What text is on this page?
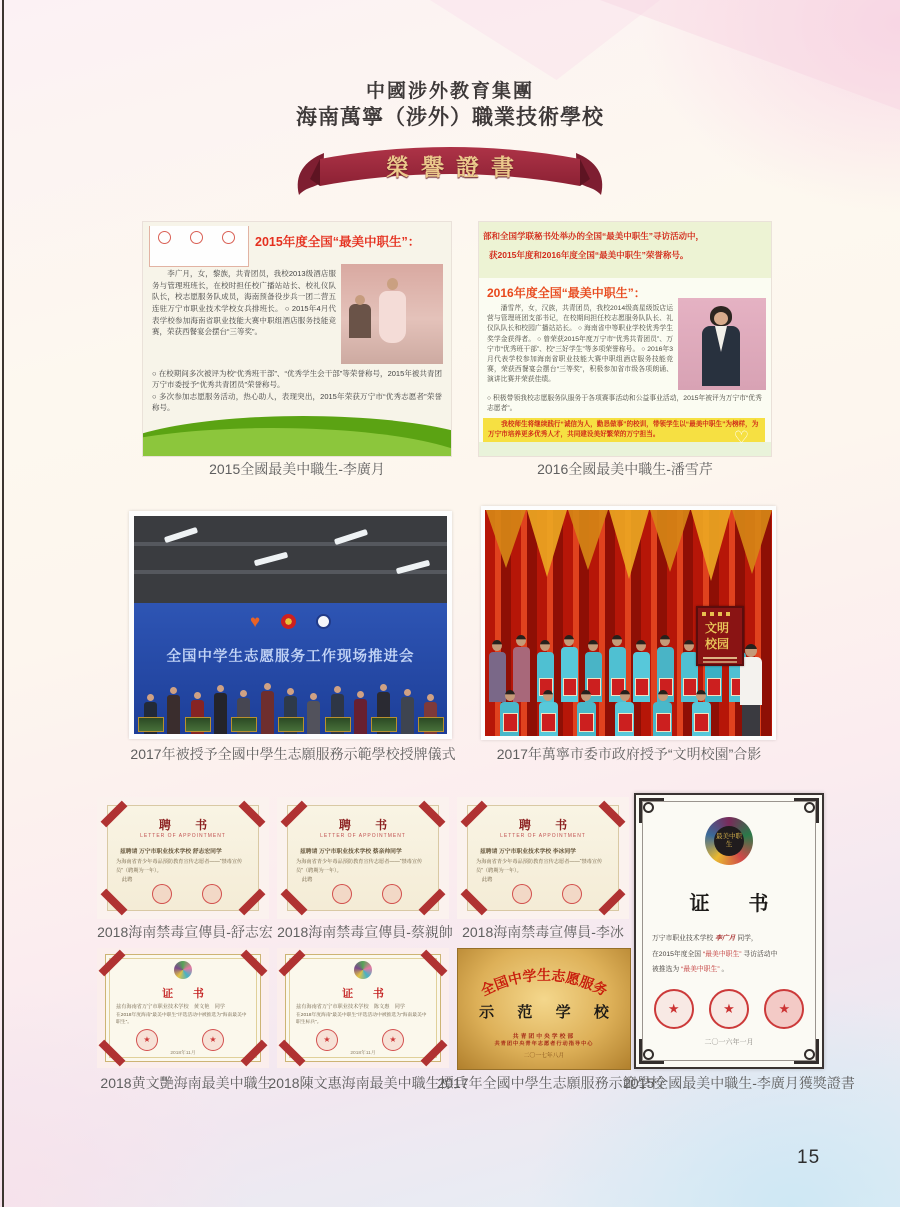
中國涉外教育集團
海南萬寧（涉外）職業技術學校
榮譽證書
2015年度全国“最美中职生”：
　　李广月，女，黎族，共青团员，我校2013级酒店服务与管理班班长，在校时担任校广播站站长、校礼仪队队长，校志愿服务队成员，海南预备役步兵一团二营五连驻万宁市职业技术学校女兵排班长。 ○ 2015年4月代表学校参加海南省职业技能大赛中职组酒店服务技能竞赛，荣获西餐宴会摆台“三等奖”。
○ 在校期间多次被评为校“优秀班干部”、“优秀学生会干部”等荣誉称号，2015年被共青团万宁市委授予“优秀共青团员”荣誉称号。
○ 多次参加志愿服务活动，热心助人，表现突出，2015年荣获万宁市“优秀志愿者”荣誉称号。
部和全国学联秘书处举办的全国“最美中职生”寻访活动中，
获2015年度和2016年度全国“最美中职生”荣誉称号。
2016年度全国“最美中职生”：
　　潘雪芹，女，汉族，共青团员，我校2014级高星级饭店运营与管理班团支部书记，在校期间担任校志愿服务队队长、礼仪队队长和校园广播站站长。 ○ 海南省中等职业学校优秀学生奖学金获得者。 ○ 曾荣获2015年度万宁市“优秀共青团员”、万宁市“优秀班干部”、校“三好学生”等多项荣誉称号。 ○ 2016年3月代表学校参加海南省职业技能大赛中职组酒店服务技能竞赛，荣获西餐宴会摆台“三等奖”，积极参加省市级各项朗诵、演讲比赛并荣获佳绩。
○ 积极带领我校志愿服务队服务于各项赛事活动和公益事业活动，2015年被评为万宁市“优秀志愿者”。
　　我校师生将继续践行“诚信为人，勤恳做事”的校训，带领学生以“最美中职生”为榜样，为万宁市培养更多优秀人才，共同建设美好繁荣的万宁担当。	♡
2015全國最美中職生-李廣月	2016全國最美中職生-潘雪芹
♥
全国中学生志愿服务工作现场推进会
文明校园
2017年被授予全國中學生志願服務示範學校授牌儀式	2017年萬寧市委市政府授予“文明校園”合影
聘 书
LETTER OF APPOINTMENT
兹聘请 万宁市职业技术学校 舒志宏同学
为海南省青少年毒品预防教育宣传志愿者——“禁毒宣传
员”（聘期为一年）。
此聘
聘 书
LETTER OF APPOINTMENT
兹聘请 万宁市职业技术学校 蔡亲帅同学
为海南省青少年毒品预防教育宣传志愿者——“禁毒宣传
员”（聘期为一年）。
此聘
聘 书
LETTER OF APPOINTMENT
兹聘请 万宁市职业技术学校 李冰同学
为海南省青少年毒品预防教育宣传志愿者——“禁毒宣传
员”（聘期为一年）。
此聘
2018海南禁毒宣傳員-舒志宏 2018海南禁毒宣傳員-蔡親帥 2018海南禁毒宣傳員-李冰
证 书
兹有海南省万宁市职业技术学校　黄文艳　同学
在2018年度海南“最美中职生”评选活动中被推选为“海南最美中职生”。
★	★
2018年11月
证 书
兹有海南省万宁市职业技术学校　陈文惠　同学
在2018年度海南“最美中职生”评选活动中被推选为“海南最美中职生标兵”。
★	★
2018年11月
全国中学生志愿服务
示 范 学 校
共青团中央学校部
共青团中央青年志愿者行动指导中心
二〇一七年八月
最美中职生
证 书
万宁市职业技术学校 李广月 同学，
在2015年度全国 “最美中职生” 寻访活动中
被推选为 “最美中职生” 。
★	★	★
二〇一六年一月
2018黄文艷海南最美中職生
2018陳文惠海南最美中職生標兵
2017年全國中學生志願服務示範學校
2015全國最美中職生-李廣月獲獎證書
15
